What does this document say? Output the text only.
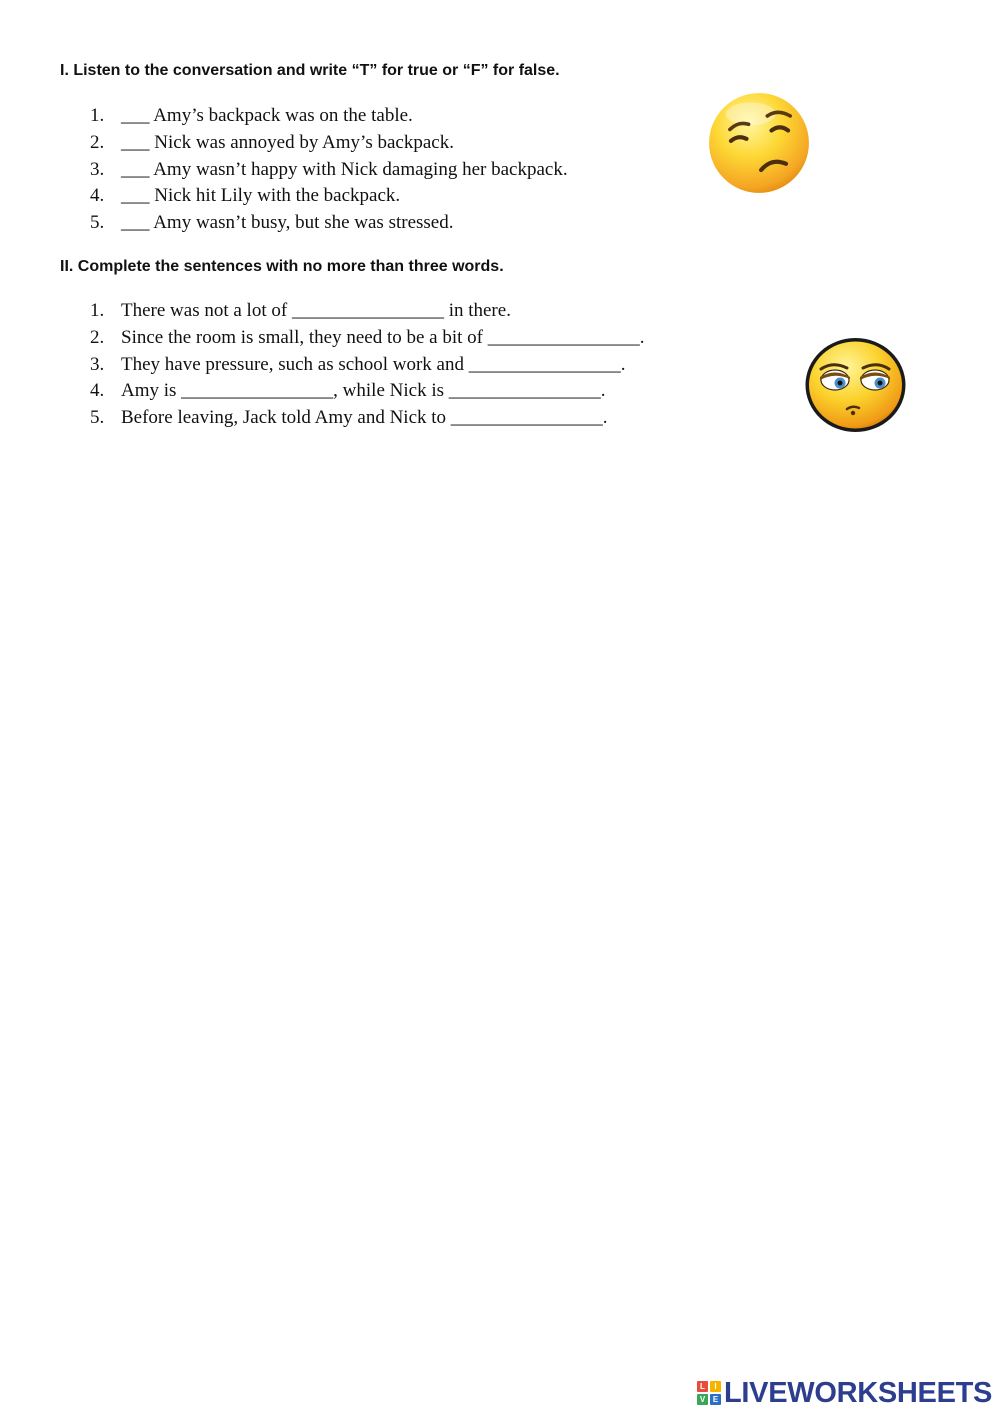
I. Listen to the conversation and write “T” for true or “F” for false.
1. ___ Amy’s backpack was on the table.
2. ___ Nick was annoyed by Amy’s backpack.
3. ___ Amy wasn’t happy with Nick damaging her backpack.
4. ___ Nick hit Lily with the backpack.
5. ___ Amy wasn’t busy, but she was stressed.
II. Complete the sentences with no more than three words.
1. There was not a lot of ________________ in there.
2. Since the room is small, they need to be a bit of ________________.
3. They have pressure, such as school work and ________________.
4. Amy is ________________, while Nick is ________________.
5. Before leaving, Jack told Amy and Nick to ________________.
L	I
V E LIVEWORKSHEETS
